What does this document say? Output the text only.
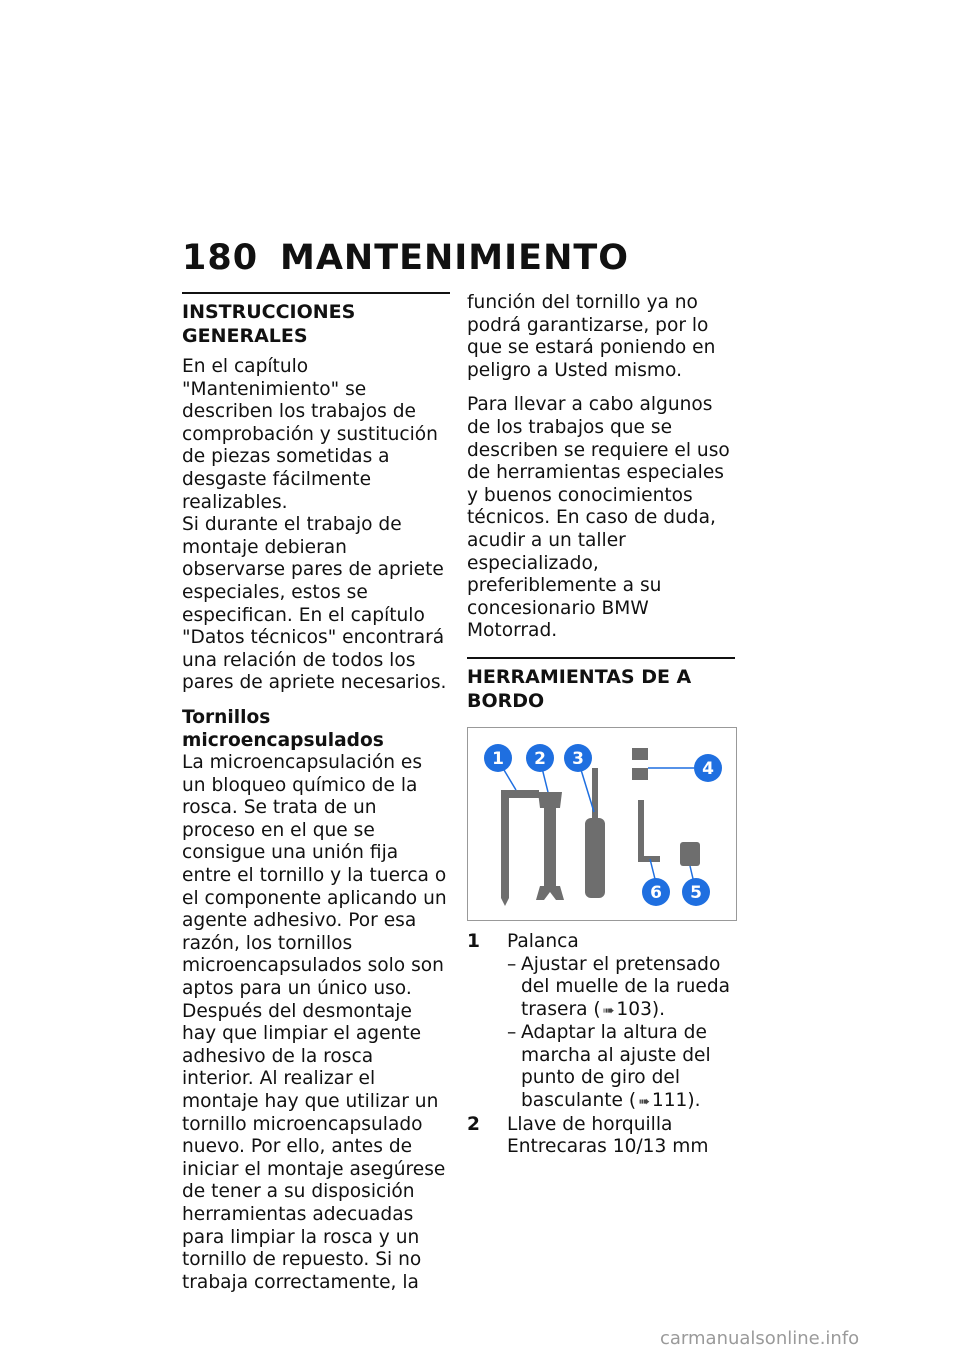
180 MANTENIMIENTO
INSTRUCCIONES GENERALES

En el capítulo "Mantenimiento" se describen los trabajos de comprobación y sustitución de piezas sometidas a desgaste fácilmente realizables.

Si durante el trabajo de montaje debieran observarse pares de apriete especiales, estos se especifican. En el capítulo "Datos técnicos" encontrará una relación de todos los pares de apriete necesarios.

Tornillos microencapsulados

La microencapsulación es un bloqueo químico de la rosca. Se trata de un proceso en el que se consigue una unión fija entre el tornillo y la tuerca o el componente aplicando un agente adhesivo. Por esa razón, los tornillos microencapsulados solo son aptos para un único uso.

Después del desmontaje hay que limpiar el agente adhesivo de la rosca interior. Al realizar el montaje hay que utilizar un tornillo microencapsulado nuevo. Por ello, antes de iniciar el montaje asegúrese de tener a su disposición herramientas adecuadas para limpiar la rosca y un tornillo de repuesto. Si no trabaja correctamente, la

función del tornillo ya no podrá garantizarse, por lo que se estará poniendo en peligro a Usted mismo.

Para llevar a cabo algunos de los trabajos que se describen se requiere el uso de herramientas especiales y buenos conocimientos técnicos. En caso de duda, acudir a un taller especializado, preferiblemente a su concesionario BMW Motorrad.

HERRAMIENTAS DE A BORDO
1 2 3	4
5
6
1	Palanca
– Ajustar el pretensado del muelle de la rueda trasera ( ➠ 103).
– Adaptar la altura de marcha al ajuste del punto de giro del basculante ( ➠ 111).
2	Llave de horquilla
Entrecaras 10/13 mm
carmanualsonline.info
